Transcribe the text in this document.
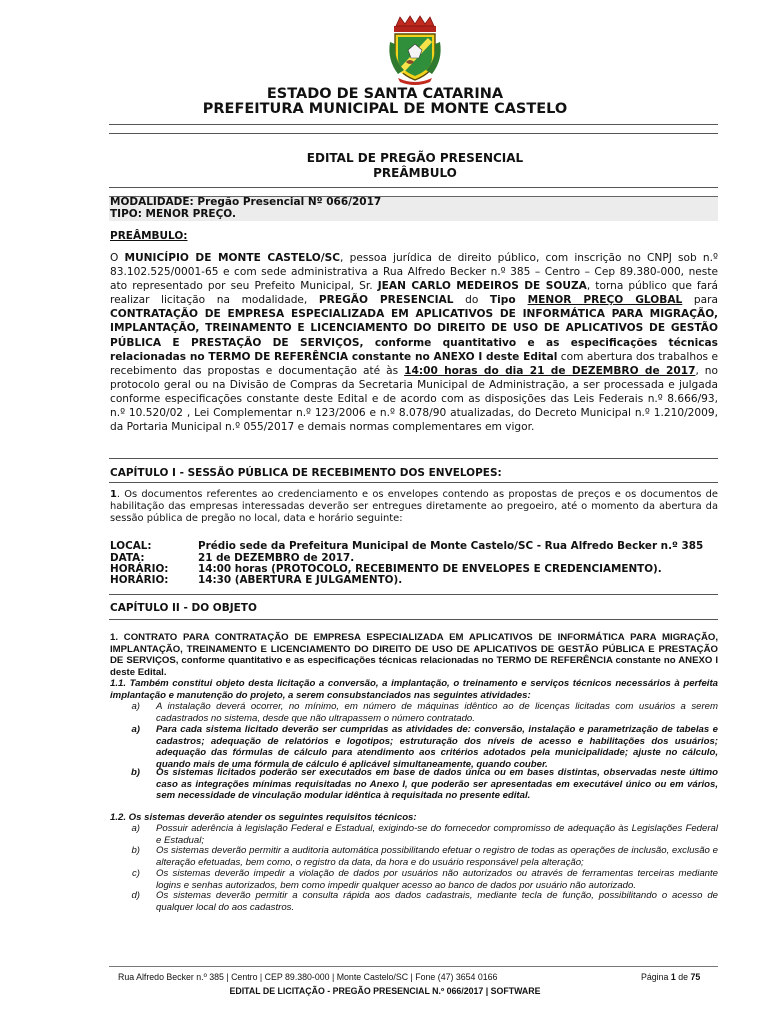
ESTADO DE SANTA CATARINA
PREFEITURA MUNICIPAL DE MONTE CASTELO
EDITAL DE PREGÃO PRESENCIAL
PREÂMBULO
MODALIDADE: Pregão Presencial Nº 066/2017
TIPO: MENOR PREÇO.
PREÂMBULO:
O MUNICÍPIO DE MONTE CASTELO/SC, pessoa jurídica de direito público, com inscrição no CNPJ sob n.º 83.102.525/0001-65 e com sede administrativa a Rua Alfredo Becker n.º 385 – Centro – Cep 89.380-000, neste ato representado por seu Prefeito Municipal, Sr. JEAN CARLO MEDEIROS DE SOUZA, torna público que fará realizar licitação na modalidade, PREGÃO PRESENCIAL do Tipo MENOR PREÇO GLOBAL para CONTRATAÇÃO DE EMPRESA ESPECIALIZADA EM APLICATIVOS DE INFORMÁTICA PARA MIGRAÇÃO, IMPLANTAÇÃO, TREINAMENTO E LICENCIAMENTO DO DIREITO DE USO DE APLICATIVOS DE GESTÃO PÚBLICA E PRESTAÇÃO DE SERVIÇOS, conforme quantitativo e as especificações técnicas relacionadas no TERMO DE REFERÊNCIA constante no ANEXO I deste Edital com abertura dos trabalhos e recebimento das propostas e documentação até às 14:00 horas do dia 21 de DEZEMBRO de 2017, no protocolo geral ou na Divisão de Compras da Secretaria Municipal de Administração, a ser processada e julgada conforme especificações constante deste Edital e de acordo com as disposições das Leis Federais n.º 8.666/93, n.º 10.520/02 , Lei Complementar n.º 123/2006 e n.º 8.078/90 atualizadas, do Decreto Municipal n.º 1.210/2009, da Portaria Municipal n.º 055/2017 e demais normas complementares em vigor.
CAPÍTULO I - SESSÃO PÚBLICA DE RECEBIMENTO DOS ENVELOPES:
1. Os documentos referentes ao credenciamento e os envelopes contendo as propostas de preços e os documentos de habilitação das empresas interessadas deverão ser entregues diretamente ao pregoeiro, até o momento da abertura da sessão pública de pregão no local, data e horário seguinte:
LOCAL:	Prédio sede da Prefeitura Municipal de Monte Castelo/SC - Rua Alfredo Becker n.º 385
DATA:	21 de DEZEMBRO de 2017.
HORÁRIO:	14:00 horas (PROTOCOLO, RECEBIMENTO DE ENVELOPES E CREDENCIAMENTO).
HORÁRIO:	14:30 (ABERTURA E JULGAMENTO).
CAPÍTULO II - DO OBJETO
1. CONTRATO PARA CONTRATAÇÃO DE EMPRESA ESPECIALIZADA EM APLICATIVOS DE INFORMÁTICA PARA MIGRAÇÃO, IMPLANTAÇÃO, TREINAMENTO E LICENCIAMENTO DO DIREITO DE USO DE APLICATIVOS DE GESTÃO PÚBLICA E PRESTAÇÃO DE SERVIÇOS, conforme quantitativo e as especificações técnicas relacionadas no TERMO DE REFERÊNCIA constante no ANEXO I deste Edital.
1.1. Também constitui objeto desta licitação a conversão, a implantação, o treinamento e serviços técnicos necessários à perfeita implantação e manutenção do projeto, a serem consubstanciados nas seguintes atividades:
a) A instalação deverá ocorrer, no mínimo, em número de máquinas idêntico ao de licenças licitadas com usuários a serem cadastrados no sistema, desde que não ultrapassem o número contratado.
a) Para cada sistema licitado deverão ser cumpridas as atividades de: conversão, instalação e parametrização de tabelas e cadastros; adequação de relatórios e logotipos; estruturação dos níveis de acesso e habilitações dos usuários; adequação das fórmulas de cálculo para atendimento aos critérios adotados pela municipalidade; ajuste no cálculo, quando mais de uma fórmula de cálculo é aplicável simultaneamente, quando couber.
b) Os sistemas licitados poderão ser executados em base de dados única ou em bases distintas, observadas neste último caso as integrações mínimas requisitadas no Anexo I, que poderão ser apresentadas em executável único ou em vários, sem necessidade de vinculação modular idêntica à requisitada no presente edital.
1.2. Os sistemas deverão atender os seguintes requisitos técnicos:
a) Possuir aderência à legislação Federal e Estadual, exigindo-se do fornecedor compromisso de adequação às Legislações Federal e Estadual;
b) Os sistemas deverão permitir a auditoria automática possibilitando efetuar o registro de todas as operações de inclusão, exclusão e alteração efetuadas, bem como, o registro da data, da hora e do usuário responsável pela alteração;
c) Os sistemas deverão impedir a violação de dados por usuários não autorizados ou através de ferramentas terceiras mediante logins e senhas autorizados, bem como impedir qualquer acesso ao banco de dados por usuário não autorizado.
d) Os sistemas deverão permitir a consulta rápida aos dados cadastrais, mediante tecla de função, possibilitando o acesso de qualquer local do aos cadastros.
Rua Alfredo Becker n.º 385 | Centro | CEP 89.380-000 | Monte Castelo/SC | Fone (47) 3654 0166	Página 1 de 75
EDITAL DE LICITAÇÃO - PREGÃO PRESENCIAL N.º 066/2017 | SOFTWARE
